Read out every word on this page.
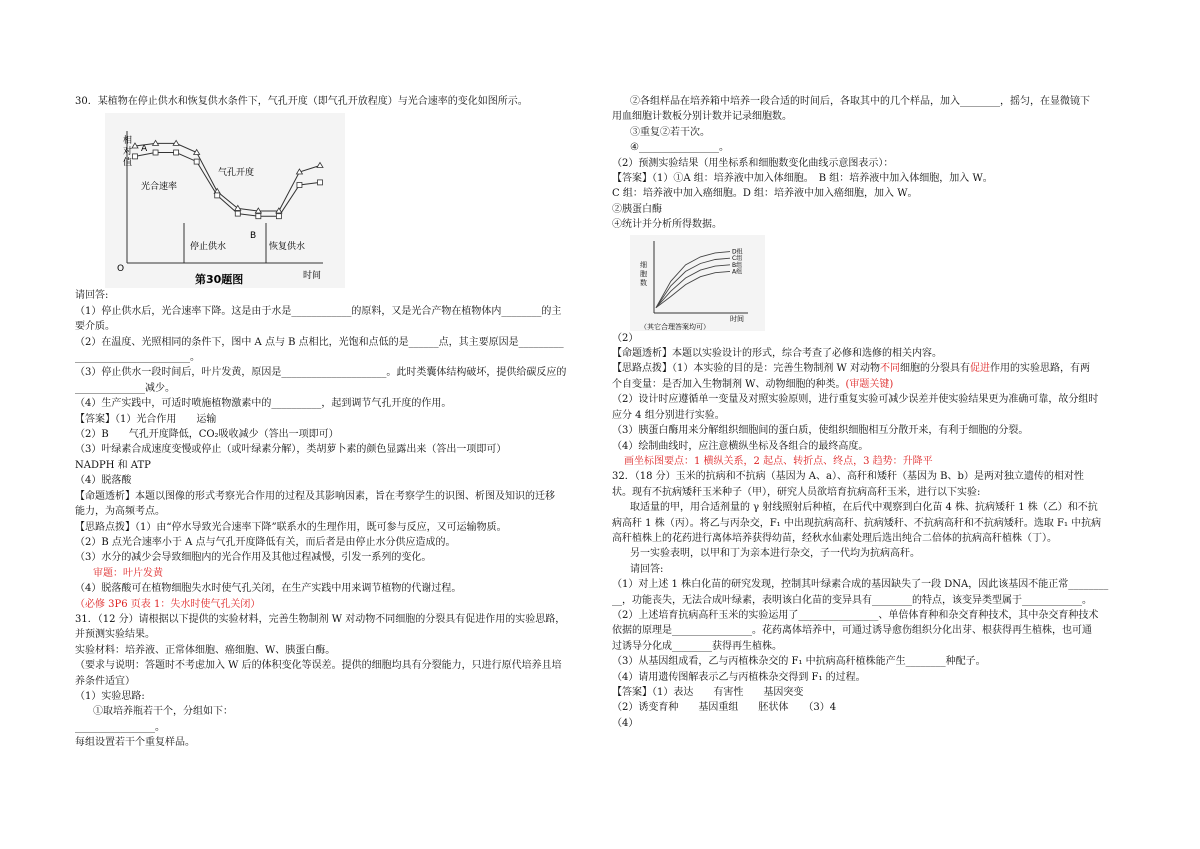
30．某植物在停止供水和恢复供水条件下，气孔开度（即气孔开放程度）与光合速率的变化如图所示。

相
对
值
A
B
O
时间
气孔开度
光合速率
停止供水	恢复供水
第30题图

请回答:

（1）停止供水后，光合速率下降。这是由于水是____________的原料，又是光合产物在植物体内________的主

要介质。

（2）在温度、光照相同的条件下，图中 A 点与 B 点相比，光饱和点低的是______点，其主要原因是_________

_______________________。

（3）停止供水一段时间后，叶片发黄，原因是_____________________。此时类囊体结构破坏，提供给碳反应的

______________减少。

（4）生产实践中，可适时喷施植物激素中的__________，起到调节气孔开度的作用。

【答案】（1）光合作用　　运输

（2）B　　气孔开度降低，CO₂吸收减少（答出一项即可）

（3）叶绿素合成速度变慢或停止（或叶绿素分解），类胡萝卜素的颜色显露出来（答出一项即可）

NADPH 和 ATP

（4）脱落酸

【命题透析】本题以图像的形式考察光合作用的过程及其影响因素，旨在考察学生的识图、析图及知识的迁移

能力，为高频考点。

【思路点拨】（1）由“停水导致光合速率下降”联系水的生理作用，既可参与反应，又可运输物质。

（2）B 点光合速率小于 A 点与气孔开度降低有关，而后者是由停止水分供应造成的。

（3）水分的减少会导致细胞内的光合作用及其他过程减慢，引发一系列的变化。

审题：叶片发黄

（4）脱落酸可在植物细胞失水时使气孔关闭，在生产实践中用来调节植物的代谢过程。

（必修 3P6 页表 1：失水时使气孔关闭）

31．（12 分）请根据以下提供的实验材料，完善生物制剂 W 对动物不同细胞的分裂具有促进作用的实验思路，

并预测实验结果。

实验材料：培养液、正常体细胞、癌细胞、W、胰蛋白酶。

（要求与说明：答题时不考虑加入 W 后的体积变化等误差。提供的细胞均具有分裂能力，只进行原代培养且培

养条件适宜）

（1）实验思路:

①取培养瓶若干个，分组如下：

________________。

每组设置若干个重复样品。

②各组样品在培养箱中培养一段合适的时间后，各取其中的几个样品，加入________，摇匀，在显微镜下

用血细胞计数板分别计数并记录细胞数。

③重复②若干次。

④________________。

（2）预测实验结果（用坐标系和细胞数变化曲线示意图表示）：

【答案】（1）①A 组：培养液中加入体细胞。　B 组：培养液中加入体细胞，加入 W。

C 组：培养液中加入癌细胞。D 组：培养液中加入癌细胞，加入 W。

②胰蛋白酶

④统计并分析所得数据。

细
胞
数
时间
（其它合理答案均可）
D组
C组
B组
A组

（2）

【命题透析】本题以实验设计的形式，综合考查了必修和选修的相关内容。

【思路点拨】（1）本实验的目的是：完善生物制剂 W 对动物不同细胞的分裂具有促进作用的实验思路，有两

个自变量：是否加入生物制剂 W、动物细胞的种类。(审题关键)

（2）设计时应遵循单一变量及对照实验原则，进行重复实验可减少误差并使实验结果更为准确可靠，故分组时

应分 4 组分别进行实验。

（3）胰蛋白酶用来分解组织细胞间的蛋白质，使组织细胞相互分散开来，有利于细胞的分裂。

（4）绘制曲线时，应注意横纵坐标及各组合的最终高度。

画坐标图要点：1 横纵关系，2 起点、转折点、终点，3 趋势：升降平

32．（18 分）玉米的抗病和不抗病（基因为 A、a）、高秆和矮秆（基因为 B、b）是两对独立遗传的相对性

状。现有不抗病矮秆玉米种子（甲），研究人员欲培育抗病高秆玉米，进行以下实验:

取适量的甲，用合适剂量的 γ 射线照射后种植，在后代中观察到白化苗 4 株、抗病矮秆 1 株（乙）和不抗

病高秆 1 株（丙）。将乙与丙杂交，F₁ 中出现抗病高秆、抗病矮秆、不抗病高秆和不抗病矮秆。选取 F₁ 中抗病

高秆植株上的花药进行离体培养获得幼苗，经秋水仙素处理后选出纯合二倍体的抗病高秆植株（丁）。

另一实验表明，以甲和丁为亲本进行杂交，子一代均为抗病高秆。

请回答:

（1）对上述 1 株白化苗的研究发现，控制其叶绿素合成的基因缺失了一段 DNA，因此该基因不能正常________

__，功能丧失，无法合成叶绿素，表明该白化苗的变异具有________的特点，该变异类型属于____________。

（2）上述培育抗病高秆玉米的实验运用了________________、单倍体育种和杂交育种技术，其中杂交育种技术

依据的原理是________________。花药离体培养中，可通过诱导愈伤组织分化出芽、根获得再生植株，也可通

过诱导分化成________获得再生植株。

（3）从基因组成看，乙与丙植株杂交的 F₁ 中抗病高秆植株能产生________种配子。

（4）请用遗传图解表示乙与丙植株杂交得到 F₁ 的过程。

【答案】（1）表达　　有害性　　基因突变

（2）诱变育种　　基因重组　　胚状体　　（3）4

（4）
